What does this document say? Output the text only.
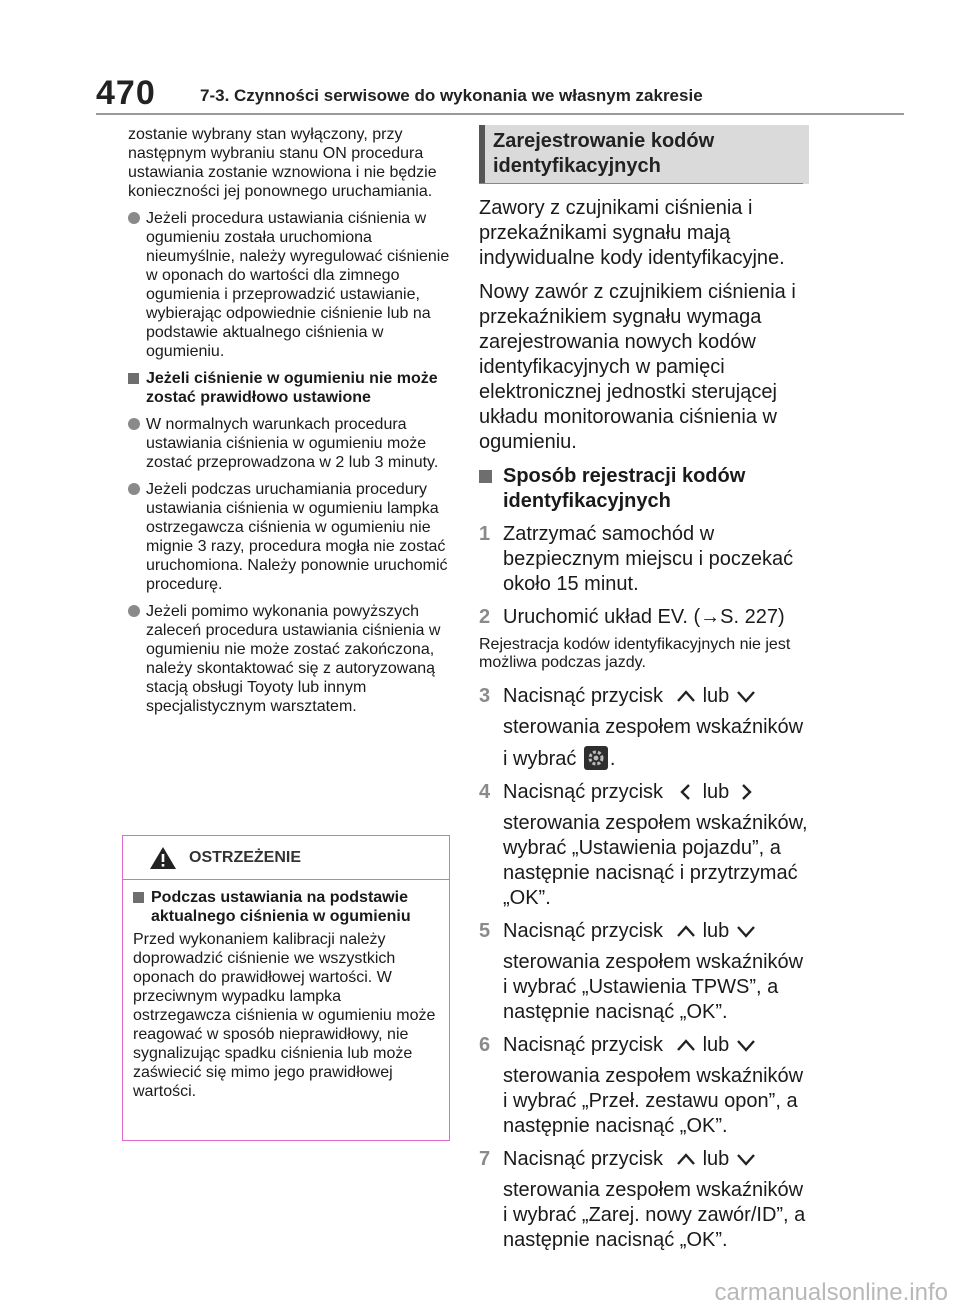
470	7-3. Czynności serwisowe do wykonania we własnym zakresie

zostanie wybrany stan wyłączony, przy następnym wybraniu stanu ON procedura ustawiania zostanie wznowiona i nie będzie konieczności jej ponownego uruchamiania.

Jeżeli procedura ustawiania ciśnienia w ogumieniu została uruchomiona nieumyślnie, należy wyregulować ciśnienie w oponach do wartości dla zimnego ogumienia i przeprowadzić ustawianie, wybierając odpowiednie ciśnienie lub na podstawie aktualnego ciśnienia w ogumieniu.
Jeżeli ciśnienie w ogumieniu nie może zostać prawidłowo ustawione
W normalnych warunkach procedura ustawiania ciśnienia w ogumieniu może zostać przeprowadzona w 2 lub 3 minuty.
Jeżeli podczas uruchamiania procedury ustawiania ciśnienia w ogumieniu lampka ostrzegawcza ciśnienia w ogumieniu nie mignie 3 razy, procedura mogła nie zostać uruchomiona. Należy ponownie uruchomić procedurę.
Jeżeli pomimo wykonania powyższych zaleceń procedura ustawiania ciśnienia w ogumieniu nie może zostać zakończona, należy skontaktować się z autoryzowaną stacją obsługi Toyoty lub innym specjalistycznym warsztatem.
OSTRZEŻENIE
Podczas ustawiania na podstawie aktualnego ciśnienia w ogumieniu

Przed wykonaniem kalibracji należy doprowadzić ciśnienie we wszystkich oponach do prawidłowej wartości. W przeciwnym wypadku lampka ostrzegawcza ciśnienia w ogumieniu może reagować w sposób nieprawidłowy, nie sygnalizując spadku ciśnienia lub może zaświecić się mimo jego prawidłowej wartości.

Zarejestrowanie kodów identyfikacyjnych

Zawory z czujnikami ciśnienia i przekaźnikami sygnału mają indywidualne kody identyfikacyjne.

Nowy zawór z czujnikiem ciśnienia i przekaźnikiem sygnału wymaga zarejestrowania nowych kodów identyfikacyjnych w pamięci elektronicznej jednostki sterującej układu monitorowania ciśnienia w ogumieniu.

Sposób rejestracji kodów identyfikacyjnych
1 Zatrzymać samochód w bezpiecznym miejscu i poczekać około 15 minut.
2 Uruchomić układ EV. (→S. 227)

Rejestracja kodów identyfikacyjnych nie jest możliwa podczas jazdy.

3 Nacisnąć przycisk lub
sterowania zespołem wskaźników
i wybrać .
4 Nacisnąć przycisk lub
sterowania zespołem wskaźników, wybrać „Ustawienia pojazdu”, a następnie nacisnąć i przytrzymać „OK”.
5 Nacisnąć przycisk lub
sterowania zespołem wskaźników i wybrać „Ustawienia TPWS”, a następnie nacisnąć „OK”.
6 Nacisnąć przycisk lub
sterowania zespołem wskaźników i wybrać „Przeł. zestawu opon”, a następnie nacisnąć „OK”.
7 Nacisnąć przycisk lub
sterowania zespołem wskaźników i wybrać „Zarej. nowy zawór/ID”, a następnie nacisnąć „OK”.
carmanualsonline.info
